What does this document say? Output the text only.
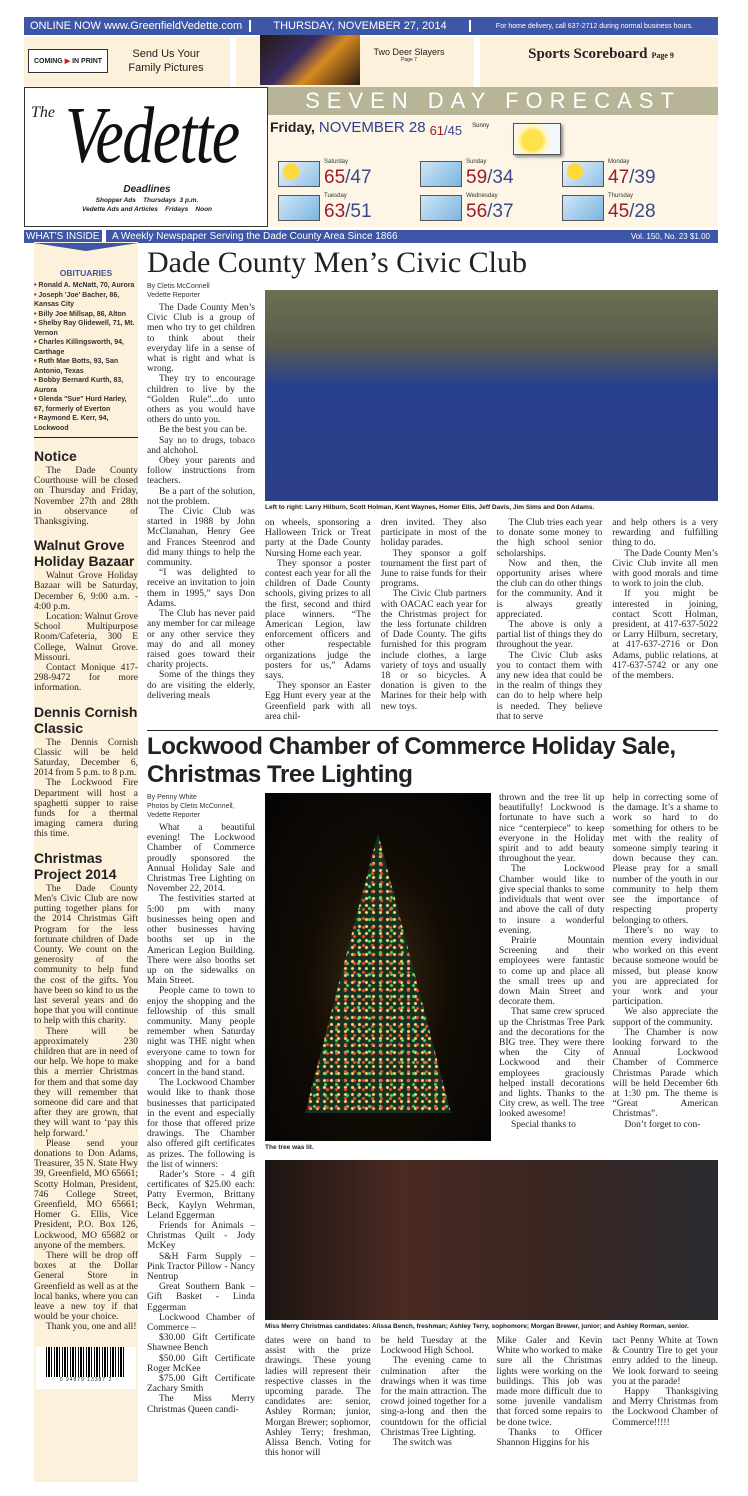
ONLINE NOW www.GreenfieldVedette.com	THURSDAY, NOVEMBER 27, 2014	For home delivery, call 637-2712 during normal business hours.
COMING ▶ IN PRINT
Send Us Your Family Pictures
Two Deer Slayers
Page 7	Sports Scoreboard Page 9
The Vedette
Deadlines
Shopper Ads    Thursdays  3 p.m.
Vedette Ads and Articles    Fridays    Noon
SEVEN DAY FORECAST
Friday, NOVEMBER 28 61/45 Sunny
Saturday
65/47
Sunday
59/34
Monday
47/39
Tuesday
63/51
Wednesday
56/37
Thursday
45/28
WHAT'S INSIDE A Weekly Newspaper Serving the Dade County Area Since 1866	Vol. 150, No. 23 $1.00
OBITUARIES
• Ronald A. McNatt, 70, Aurora
• Joseph 'Joe' Bacher, 86, Kansas City
• Billy Joe Millsap, 86, Alton
• Shelby Ray Glidewell, 71, Mt. Vernon
• Charles Killingsworth, 94, Carthage
• Ruth Mae Botts, 93, San Antonio, Texas
• Bobby Bernard Kurth, 83, Aurora
• Glenda "Sue" Hurd Harley, 67, formerly of Everton
• Raymond E. Kerr, 94, Lockwood
Notice

The Dade County Courthouse will be closed on Thursday and Friday, November 27th and 28th in observance of Thanksgiving.

Walnut Grove Holiday Bazaar

Walnut Grove Holiday Bazaar will be Saturday, December 6, 9:00 a.m. - 4:00 p.m.

Location: Walnut Grove School Multipurpose Room/Cafeteria, 300 E College, Walnut Grove. Missouri.

Contact Monique 417-298-9472 for more information.

Dennis Cornish Classic

The Dennis Cornish Classic will be held Saturday, December 6, 2014 from 5 p.m. to 8 p.m.

The Lockwood Fire Department will host a spaghetti supper to raise funds for a thermal imaging camera during this time.

Christmas Project 2014

The Dade County Men's Civic Club are now putting together plans for the 2014 Christmas Gift Program for the less fortunate children of Dade County. We count on the generosity of the community to help fund the cost of the gifts. You have been so kind to us the last several years and do hope that you will continue to help with this charity.

There will be approximately 230 children that are in need of our help. We hope to make this a merrier Christmas for them and that some day they will remember that someone did care and that after they are grown, that they will want to ‘pay this help forward.’

Please send your donations to Don Adams, Treasurer, 35 N. State Hwy 39, Greenfield, MO 65661; Scotty Holman, President, 746 College Street, Greenfield, MO 65661; Homer G. Ellis, Vice President, P.O. Box 126, Lockwood, MO 65682 or anyone of the members.

There will be drop off boxes at the Dollar General Store in Greenfield as well as at the local banks, where you can leave a new toy if that would be your choice.

Thank you, one and all!

0 94879 13387 2
Dade County Men’s Civic Club
By Cletis McConnell
Vedette Reporter

The Dade County Men’s Civic Club is a group of men who try to get children to think about their everyday life in a sense of what is right and what is wrong.

They try to encourage children to live by the “Golden Rule”...do unto others as you would have others do unto you.

Be the best you can be.

Say no to drugs, tobaco and alchohol.

Obey your parents and follow instructions from teachers.

Be a part of the solution, not the problem.

The Civic Club was started in 1988 by John McClanahan, Henry Gee and Frances Steenrod and did many things to help the community.

“I was delighted to receive an invitation to join them in 1995,” says Don Adams.

The Club has never paid any member for car mileage or any other service they may do and all money raised goes toward their charity projects.

Some of the things they do are visiting the elderly, delivering meals

Left to right: Larry Hilburn, Scott Holman, Kent Waynes, Homer Ellis, Jeff Davis, Jim Sims and Don Adams.

on wheels, sponsoring a Halloween Trick or Treat party at the Dade County Nursing Home each year.

They sponsor a poster contest each year for all the children of Dade County schools, giving prizes to all the first, second and third place winners. “The American Legion, law enforcement officers and other respectable organizations judge the posters for us,” Adams says.

They sponsor an Easter Egg Hunt every year at the Greenfield park with all area chil-

dren invited. They also participate in most of the holiday parades.

They sponsor a golf tournament the first part of June to raise funds for their programs.

The Civic Club partners with OACAC each year for the Christmas project for the less fortunate children of Dade County. The gifts furnished for this program include clothes, a large variety of toys and usually 18 or so bicycles. A donation is given to the Marines for their help with new toys.

The Club tries each year to donate some money to the high school senior scholarships.

Now and then, the opportunity arises where the club can do other things for the community. And it is always greatly appreciated.

The above is only a partial list of things they do throughout the year.

The Civic Club asks you to contact them with any new idea that could be in the realm of things they can do to help where help is needed. They believe that to serve

and help others is a very rewarding and fulfilling thing to do.

The Dade County Men’s Civic Club invite all men with good morals and time to work to join the club.

If you might be interested in joining, contact Scott Holman, president, at 417-637-5022 or Larry Hilburn, secretary, at 417-637-2716 or Don Adams, public relations, at 417-637-5742 or any one of the members.

Lockwood Chamber of Commerce Holiday Sale,
Christmas Tree Lighting
By Penny White
Photos by Cletis McConnell, Vedette Reporter

What a beautiful evening! The Lockwood Chamber of Commerce proudly sponsored the Annual Holiday Sale and Christmas Tree Lighting on November 22, 2014.

The festivities started at 5:00 pm with many businesses being open and other businesses having booths set up in the American Legion Building. There were also booths set up on the sidewalks on Main Street.

People came to town to enjoy the shopping and the fellowship of this small community. Many people remember when Saturday night was THE night when everyone came to town for shopping and for a band concert in the band stand.

The Lockwood Chamber would like to thank those businesses that participated in the event and especially for those that offered prize drawings. The Chamber also offered gift certificates as prizes. The following is the list of winners:

Rader’s Store - 4 gift certificates of $25.00 each: Patty Evermon, Brittany Beck, Kaylyn Wehrman, Leland Eggerman

Friends for Animals – Christmas Quilt - Jody McKey

S&H Farm Supply – Pink Tractor Pillow - Nancy Nentrup

Great Southern Bank – Gift Basket - Linda Eggerman

Lockwood Chamber of Commerce –

$30.00 Gift Certificate Shawnee Bench

$50.00 Gift Certificate Roger McKee

$75.00 Gift Certificate Zachary Smith

The Miss Merry Christmas Queen candi-

The tree was lit.

thrown and the tree lit up beautifully! Lockwood is fortunate to have such a nice “centerpiece” to keep everyone in the Holiday spirit and to add beauty throughout the year.

The Lockwood Chamber would like to give special thanks to some individuals that went over and above the call of duty to insure a wonderful evening.

Prairie Mountain Screening and their employees were fantastic to come up and place all the small trees up and down Main Street and decorate them.

That same crew spruced up the Christmas Tree Park and the decorations for the BIG tree. They were there when the City of Lockwood and their employees graciously helped install decorations and lights. Thanks to the City crew, as well. The tree looked awesome!

Special thanks to

help in correcting some of the damage. It’s a shame to work so hard to do something for others to be met with the reality of someone simply tearing it down because they can. Please pray for a small number of the youth in our community to help them see the importance of respecting property belonging to others.

There’s no way to mention every individual who worked on this event because someone would be missed, but please know you are appreciated for your work and your participation.

We also appreciate the support of the community.

The Chamber is now looking forward to the Annual Lockwood Chamber of Commerce Christmas Parade which will be held December 6th at 1:30 pm. The theme is “Great American Christmas”.

Don’t forget to con-

Miss Merry Christmas candidates: Alissa Bench, freshman; Ashley Terry, sophomore; Morgan Brewer, junior; and Ashley Rorman, senior.

dates were on hand to assist with the prize drawings. These young ladies will represent their respective classes in the upcoming parade. The candidates are: senior, Ashley Rorman; junior, Morgan Brewer; sophomor, Ashley Terry; freshman, Alissa Bench. Voting for this honor will

be held Tuesday at the Lockwood High School.

The evening came to culmination after the drawings when it was time for the main attraction. The crowd joined together for a sing-a-long and then the countdown for the official Christmas Tree Lighting.

The switch was

Mike Galer and Kevin White who worked to make sure all the Christmas lights were working on the buildings. This job was made more difficult due to some juvenile vandalism that forced some repairs to be done twice.

Thanks to Officer Shannon Higgins for his

tact Penny White at Town & Country Tire to get your entry added to the lineup. We look forward to seeing you at the parade!

Happy Thanksgiving and Merry Christmas from the Lockwood Chamber of Commerce!!!!!
